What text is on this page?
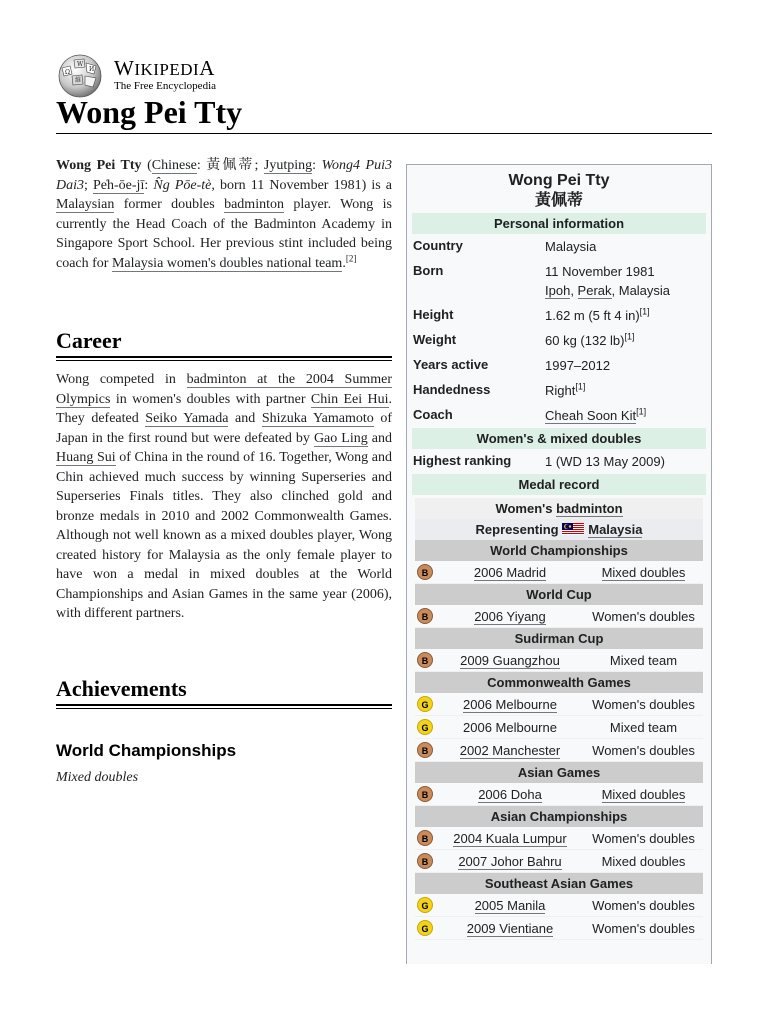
Ω
W
И
維
WIKIPEDIA
The Free Encyclopedia
Wong Pei Tty

Wong Pei Tty (Chinese: 黃佩蒂; Jyutping: Wong4 Pui3 Dai3; Pe̍h-ōe-jī: N̂g Pōe-tè, born 11 November 1981) is a Malaysian former doubles badminton player. Wong is currently the Head Coach of the Badminton Academy in Singapore Sport School. Her previous stint included being coach for Malaysia women's doubles national team.[2]

Career

Wong competed in badminton at the 2004 Summer Olympics in women's doubles with partner Chin Eei Hui. They defeated Seiko Yamada and Shizuka Yamamoto of Japan in the first round but were defeated by Gao Ling and Huang Sui of China in the round of 16. Together, Wong and Chin achieved much success by winning Superseries and Superseries Finals titles. They also clinched gold and bronze medals in 2010 and 2002 Commonwealth Games. Although not well known as a mixed doubles player, Wong created history for Malaysia as the only female player to have won a medal in mixed doubles at the World Championships and Asian Games in the same year (2006), with different partners.

Achievements
World Championships

Mixed doubles

Wong Pei Tty
黃佩蒂
Personal information
Country	Malaysia
Born	11 November 1981
Ipoh, Perak, Malaysia
Height	1.62 m (5 ft 4 in)[1]
Weight	60 kg (132 lb)[1]
Years active	1997–2012
Handedness	Right[1]
Coach	Cheah Soon Kit[1]
Women's & mixed doubles
Highest ranking	1 (WD 13 May 2009)
Medal record
Women's badminton
Representing Malaysia
World Championships
B	2006 Madrid	Mixed doubles
World Cup
B	2006 Yiyang	Women's doubles
Sudirman Cup
B	2009 Guangzhou	Mixed team
Commonwealth Games
G	2006 Melbourne	Women's doubles
G	2006 Melbourne	Mixed team
B	2002 Manchester	Women's doubles
Asian Games
B	2006 Doha	Mixed doubles
Asian Championships
B	2004 Kuala Lumpur	Women's doubles
B	2007 Johor Bahru	Mixed doubles
Southeast Asian Games
G	2005 Manila	Women's doubles
G	2009 Vientiane	Women's doubles
